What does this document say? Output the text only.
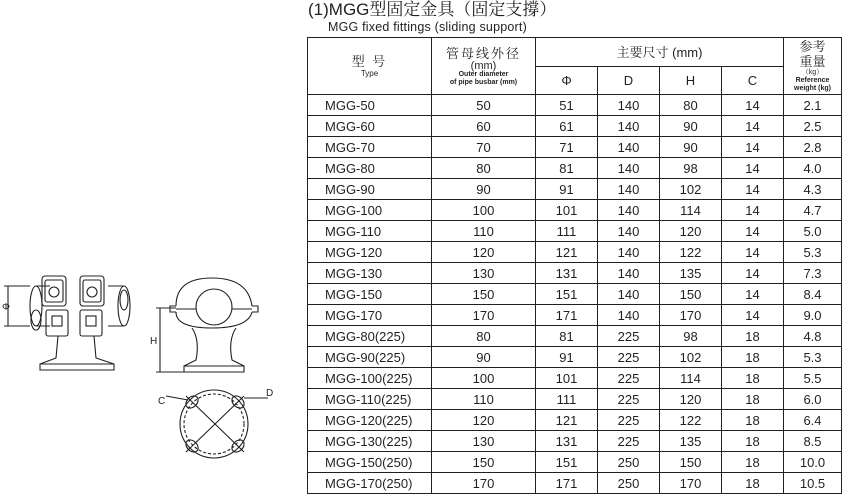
(1)MGG型固定金具（固定支撐）
MGG fixed fittings (sliding support)
Φ
H
C
D
型 号
Type	管母线外径
(mm)
Outer diameter
of pipe busbar (mm)	主要尺寸 (mm)				参考
重量
（kg）
Reference
weight (kg)

		Φ	D	H	C	
MGG-50	50	51	140	80	14	2.1
MGG-60	60	61	140	90	14	2.5
MGG-70	70	71	140	90	14	2.8
MGG-80	80	81	140	98	14	4.0
MGG-90	90	91	140	102	14	4.3
MGG-100	100	101	140	114	14	4.7
MGG-110	110	111	140	120	14	5.0
MGG-120	120	121	140	122	14	5.3
MGG-130	130	131	140	135	14	7.3
MGG-150	150	151	140	150	14	8.4
MGG-170	170	171	140	170	14	9.0
MGG-80(225)	80	81	225	98	18	4.8
MGG-90(225)	90	91	225	102	18	5.3
MGG-100(225)	100	101	225	114	18	5.5
MGG-110(225)	110	111	225	120	18	6.0
MGG-120(225)	120	121	225	122	18	6.4
MGG-130(225)	130	131	225	135	18	8.5
MGG-150(250)	150	151	250	150	18	10.0
MGG-170(250)	170	171	250	170	18	10.5
